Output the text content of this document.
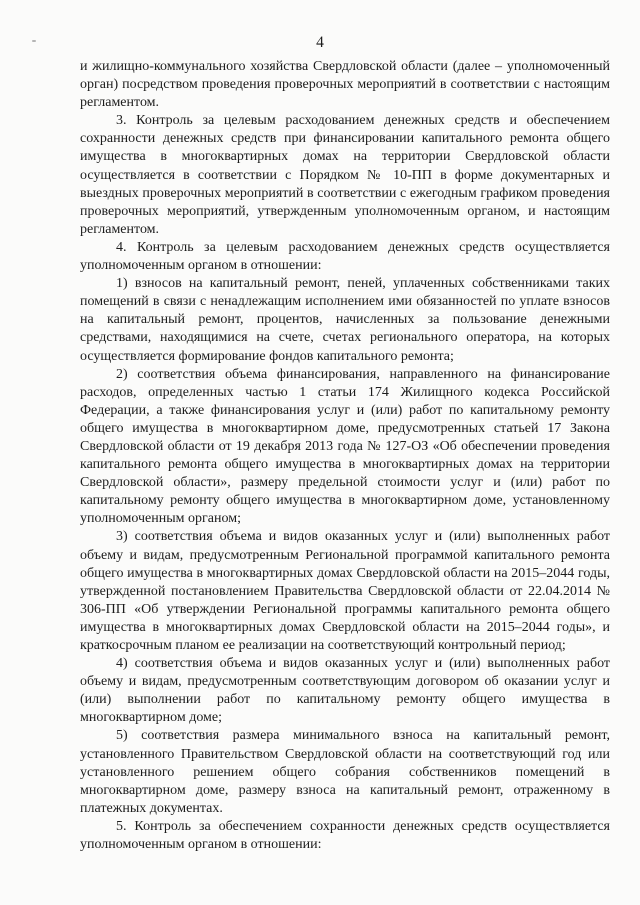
4

и жилищно-коммунального хозяйства Свердловской области (далее – уполномоченный орган) посредством проведения проверочных мероприятий в соответствии с настоящим регламентом.

3. Контроль за целевым расходованием денежных средств и обеспечением сохранности денежных средств при финансировании капитального ремонта общего имущества в многоквартирных домах на территории Свердловской области осуществляется в соответствии с Порядком № 10-ПП в форме документарных и выездных проверочных мероприятий в соответствии с ежегодным графиком проведения проверочных мероприятий, утвержденным уполномоченным органом, и настоящим регламентом.

4. Контроль за целевым расходованием денежных средств осуществляется уполномоченным органом в отношении:

1) взносов на капитальный ремонт, пеней, уплаченных собственниками таких помещений в связи с ненадлежащим исполнением ими обязанностей по уплате взносов на капитальный ремонт, процентов, начисленных за пользование денежными средствами, находящимися на счете, счетах регионального оператора, на которых осуществляется формирование фондов капитального ремонта;

2) соответствия объема финансирования, направленного на финансирование расходов, определенных частью 1 статьи 174 Жилищного кодекса Российской Федерации, а также финансирования услуг и (или) работ по капитальному ремонту общего имущества в многоквартирном доме, предусмотренных статьей 17 Закона Свердловской области от 19 декабря 2013 года № 127-ОЗ «Об обеспечении проведения капитального ремонта общего имущества в многоквартирных домах на территории Свердловской области», размеру предельной стоимости услуг и (или) работ по капитальному ремонту общего имущества в многоквартирном доме, установленному уполномоченным органом;

3) соответствия объема и видов оказанных услуг и (или) выполненных работ объему и видам, предусмотренным Региональной программой капитального ремонта общего имущества в многоквартирных домах Свердловской области на 2015–2044 годы, утвержденной постановлением Правительства Свердловской области от 22.04.2014 № 306-ПП «Об утверждении Региональной программы капитального ремонта общего имущества в многоквартирных домах Свердловской области на 2015–2044 годы», и краткосрочным планом ее реализации на соответствующий контрольный период;

4) соответствия объема и видов оказанных услуг и (или) выполненных работ объему и видам, предусмотренным соответствующим договором об оказании услуг и (или) выполнении работ по капитальному ремонту общего имущества в многоквартирном доме;

5) соответствия размера минимального взноса на капитальный ремонт, установленного Правительством Свердловской области на соответствующий год или установленного решением общего собрания собственников помещений в многоквартирном доме, размеру взноса на капитальный ремонт, отраженному в платежных документах.

5. Контроль за обеспечением сохранности денежных средств осуществляется уполномоченным органом в отношении:
